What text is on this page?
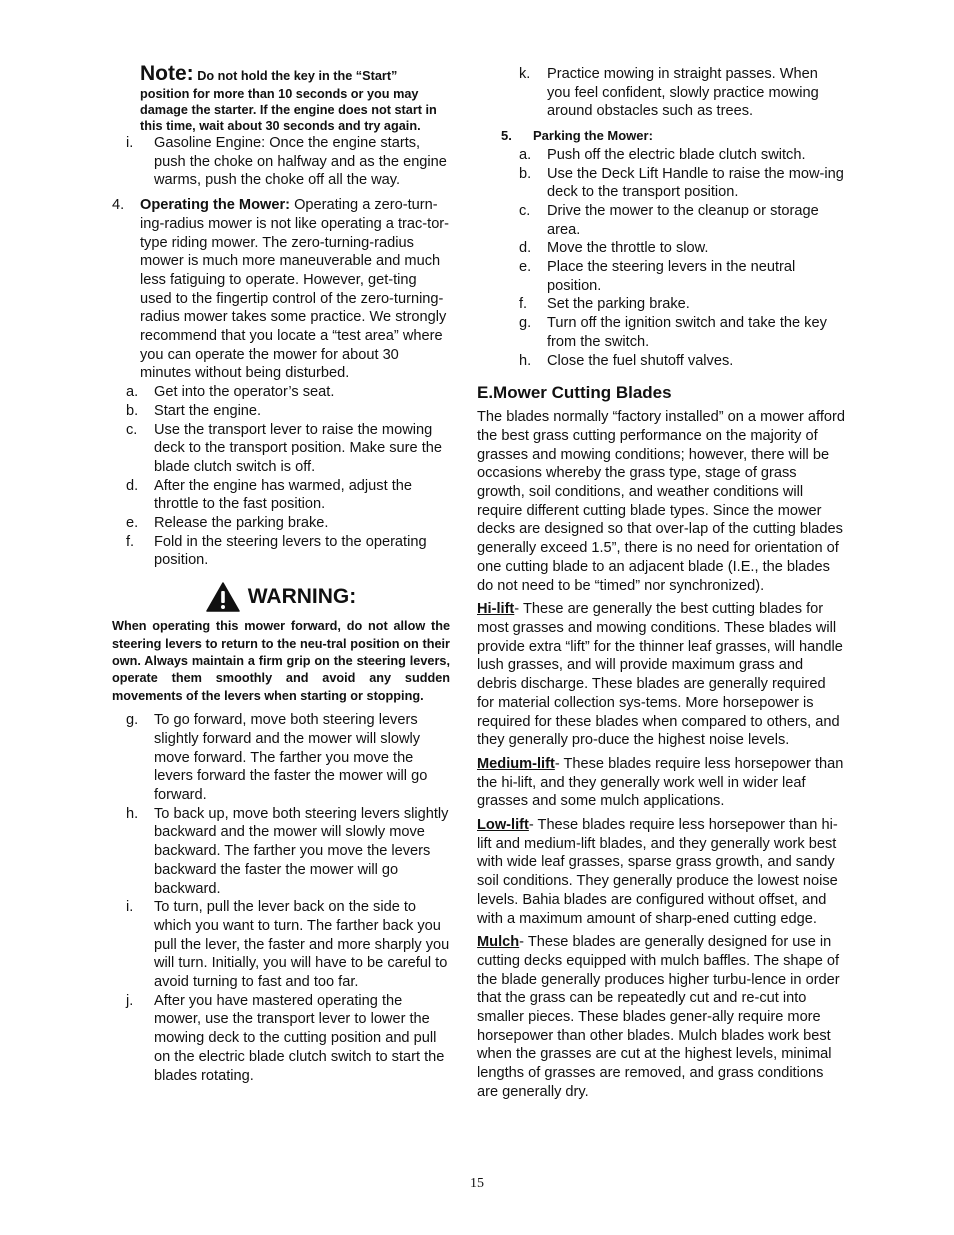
Note: Do not hold the key in the “Start”
position for more than 10 seconds or you may damage the starter. If the engine does not start in this time, wait about 30 seconds and try again.
i.	Gasoline Engine: Once the engine starts, push the choke on halfway and as the engine warms, push the choke off all the way.
4.	Operating the Mower: Operating a zero-turn-ing-radius mower is not like operating a trac-tor-type riding mower. The zero-turning-radius mower is much more maneuverable and much less fatiguing to operate. However, get-ting used to the fingertip control of the zero-turning-radius mower takes some practice. We strongly recommend that you locate a “test area” where you can operate the mower for about 30 minutes without being disturbed.
a.	Get into the operator’s seat.
b.	Start the engine.
c.	Use the transport lever to raise the mowing deck to the transport position. Make sure the blade clutch switch is off.
d.	After the engine has warmed, adjust the throttle to the fast position.
e.	Release the parking brake.
f.	Fold in the steering levers to the operating position.
WARNING:

When operating this mower forward, do not allow the steering levers to return to the neu-tral position on their own. Always maintain a firm grip on the steering levers, operate them smoothly and avoid any sudden movements of the levers when starting or stopping.

g.	To go forward, move both steering levers slightly forward and the mower will slowly move forward. The farther you move the levers forward the faster the mower will go forward.
h.	To back up, move both steering levers slightly backward and the mower will slowly move backward. The farther you move the levers backward the faster the mower will go backward.
i.	To turn, pull the lever back on the side to which you want to turn. The farther back you pull the lever, the faster and more sharply you will turn. Initially, you will have to be careful to avoid turning to fast and too far.
j.	After you have mastered operating the mower, use the transport lever to lower the mowing deck to the cutting position and pull on the electric blade clutch switch to start the blades rotating.
k.	Practice mowing in straight passes. When you feel confident, slowly practice mowing around obstacles such as trees.
5.	Parking the Mower:
a.	Push off the electric blade clutch switch.
b.	Use the Deck Lift Handle to raise the mow-ing deck to the transport position.
c.	Drive the mower to the cleanup or storage area.
d.	Move the throttle to slow.
e.	Place the steering levers in the neutral position.
f.	Set the parking brake.
g.	Turn off the ignition switch and take the key from the switch.
h.	Close the fuel shutoff valves.
E.Mower Cutting Blades

The blades normally “factory installed” on a mower afford the best grass cutting performance on the majority of grasses and mowing conditions; however, there will be occasions whereby the grass type, stage of grass growth, soil conditions, and weather conditions will require different cutting blade types. Since the mower decks are designed so that over-lap of the cutting blades generally exceed 1.5”, there is no need for orientation of one cutting blade to an adjacent blade (I.E., the blades do not need to be “timed” nor synchronized).

Hi-lift- These are generally the best cutting blades for most grasses and mowing conditions. These blades will provide extra “lift” for the thinner leaf grasses, will handle lush grasses, and will provide maximum grass and debris discharge. These blades are generally required for material collection sys-tems. More horsepower is required for these blades when compared to others, and they generally pro-duce the highest noise levels.

Medium-lift- These blades require less horsepower than the hi-lift, and they generally work well in wider leaf grasses and some mulch applications.

Low-lift- These blades require less horsepower than hi-lift and medium-lift blades, and they generally work best with wide leaf grasses, sparse grass growth, and sandy soil conditions. They generally produce the lowest noise levels. Bahia blades are configured without offset, and with a maximum amount of sharp-ened cutting edge.

Mulch- These blades are generally designed for use in cutting decks equipped with mulch baffles. The shape of the blade generally produces higher turbu-lence in order that the grass can be repeatedly cut and re-cut into smaller pieces. These blades gener-ally require more horsepower than other blades. Mulch blades work best when the grasses are cut at the highest levels, minimal lengths of grasses are removed, and grass conditions are generally dry.

15
